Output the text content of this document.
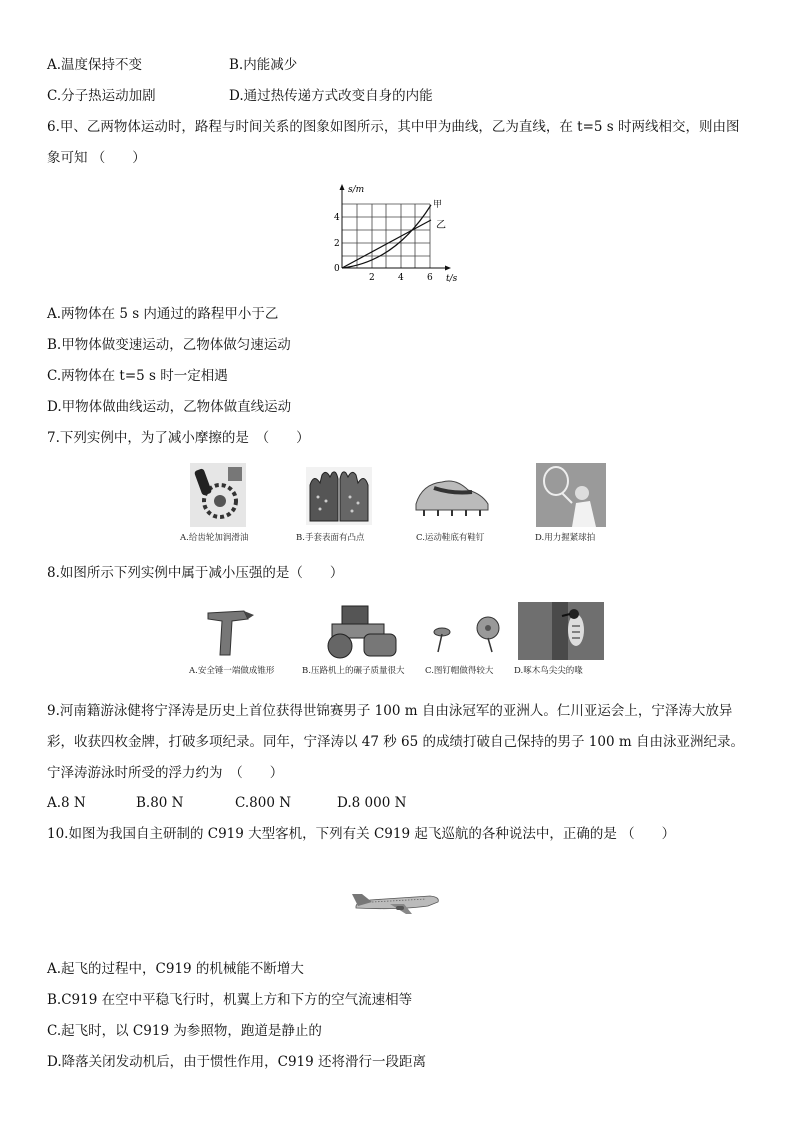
A.温度保持不变	B.内能减少
C.分子热运动加剧	D.通过热传递方式改变自身的内能
6.甲、乙两物体运动时，路程与时间关系的图象如图所示，其中甲为曲线，乙为直线，在 t=5 s 时两线相交，则由图
象可知 （　　）
s/m
t/s
4
2
0
2	4	6
甲
乙
A.两物体在 5 s 内通过的路程甲小于乙
B.甲物体做变速运动，乙物体做匀速运动
C.两物体在 t=5 s 时一定相遇
D.甲物体做曲线运动，乙物体做直线运动
7.下列实例中，为了减小摩擦的是　（　　）
A.给齿轮加润滑油	B.手套表面有凸点	C.运动鞋底有鞋钉	D.用力握紧球拍
8.如图所示下列实例中属于减小压强的是（　　）
A.安全锤一端做成锥形	B.压路机上的碾子质量很大 C.图钉帽做得较大 D.啄木鸟尖尖的喙
9.河南籍游泳健将宁泽涛是历史上首位获得世锦赛男子 100 m 自由泳冠军的亚洲人。仁川亚运会上，宁泽涛大放异
彩，收获四枚金牌，打破多项纪录。同年，宁泽涛以 47 秒 65 的成绩打破自己保持的男子 100 m 自由泳亚洲纪录。
宁泽涛游泳时所受的浮力约为　（　　）
A.8 N	B.80 N	C.800 N	D.8 000 N
10.如图为我国自主研制的 C919 大型客机，下列有关 C919 起飞巡航的各种说法中，正确的是 （　　）
A.起飞的过程中，C919 的机械能不断增大
B.C919 在空中平稳飞行时，机翼上方和下方的空气流速相等
C.起飞时，以 C919 为参照物，跑道是静止的
D.降落关闭发动机后，由于惯性作用，C919 还将滑行一段距离
